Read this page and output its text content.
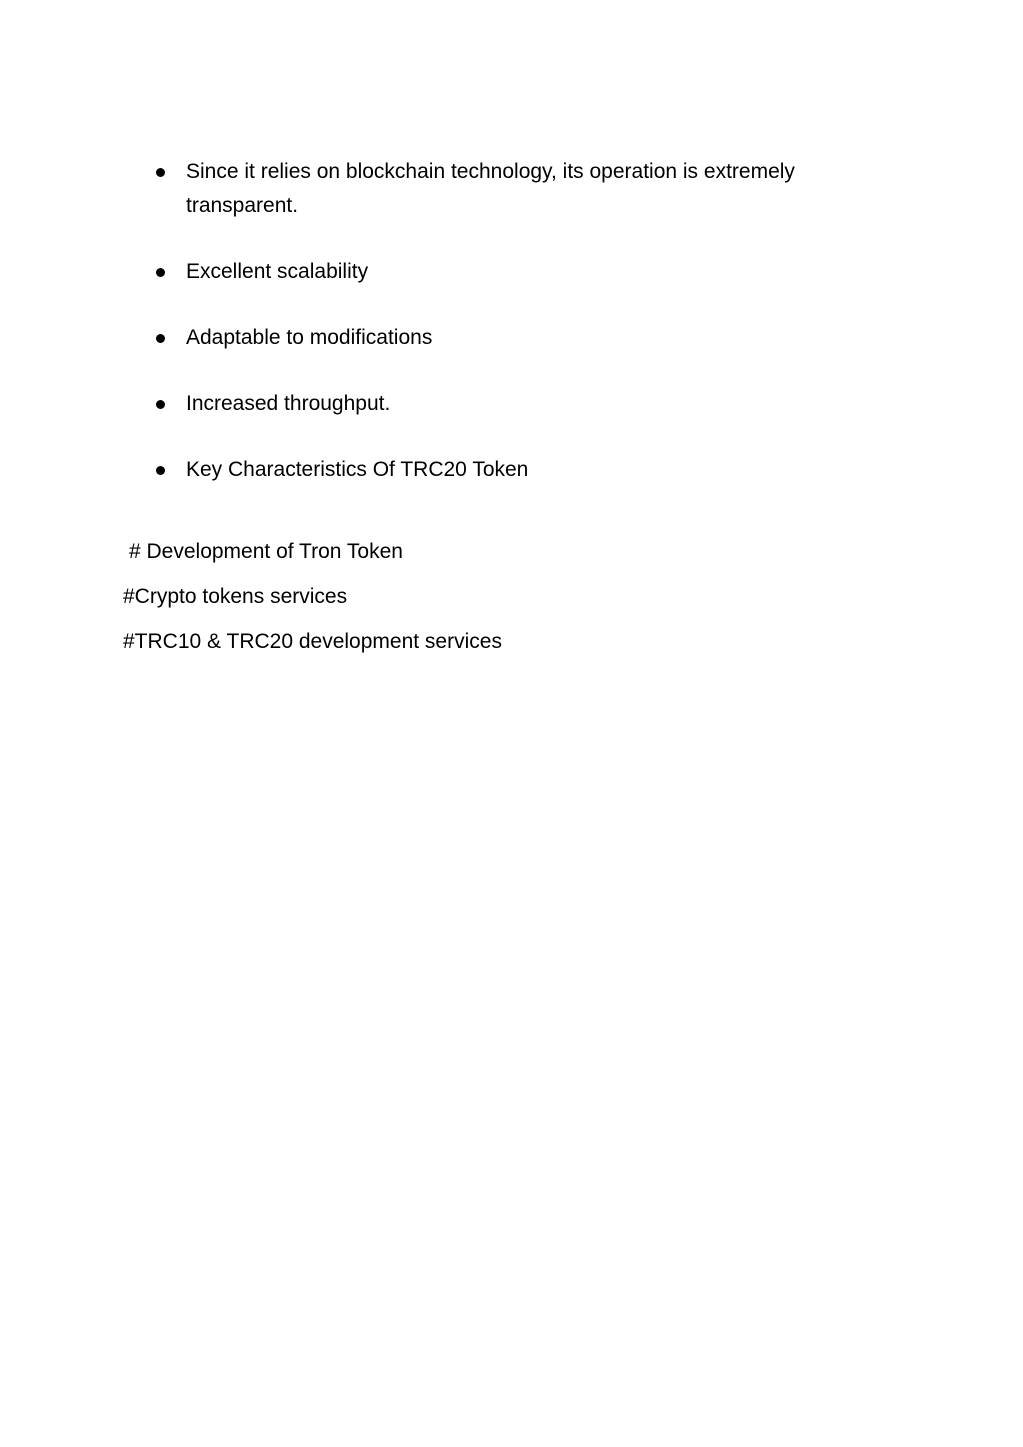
Since it relies on blockchain technology, its operation is extremely transparent.
Excellent scalability
Adaptable to modifications
Increased throughput.
Key Characteristics Of TRC20 Token

# Development of Tron Token

#Crypto tokens services

#TRC10 & TRC20 development services
